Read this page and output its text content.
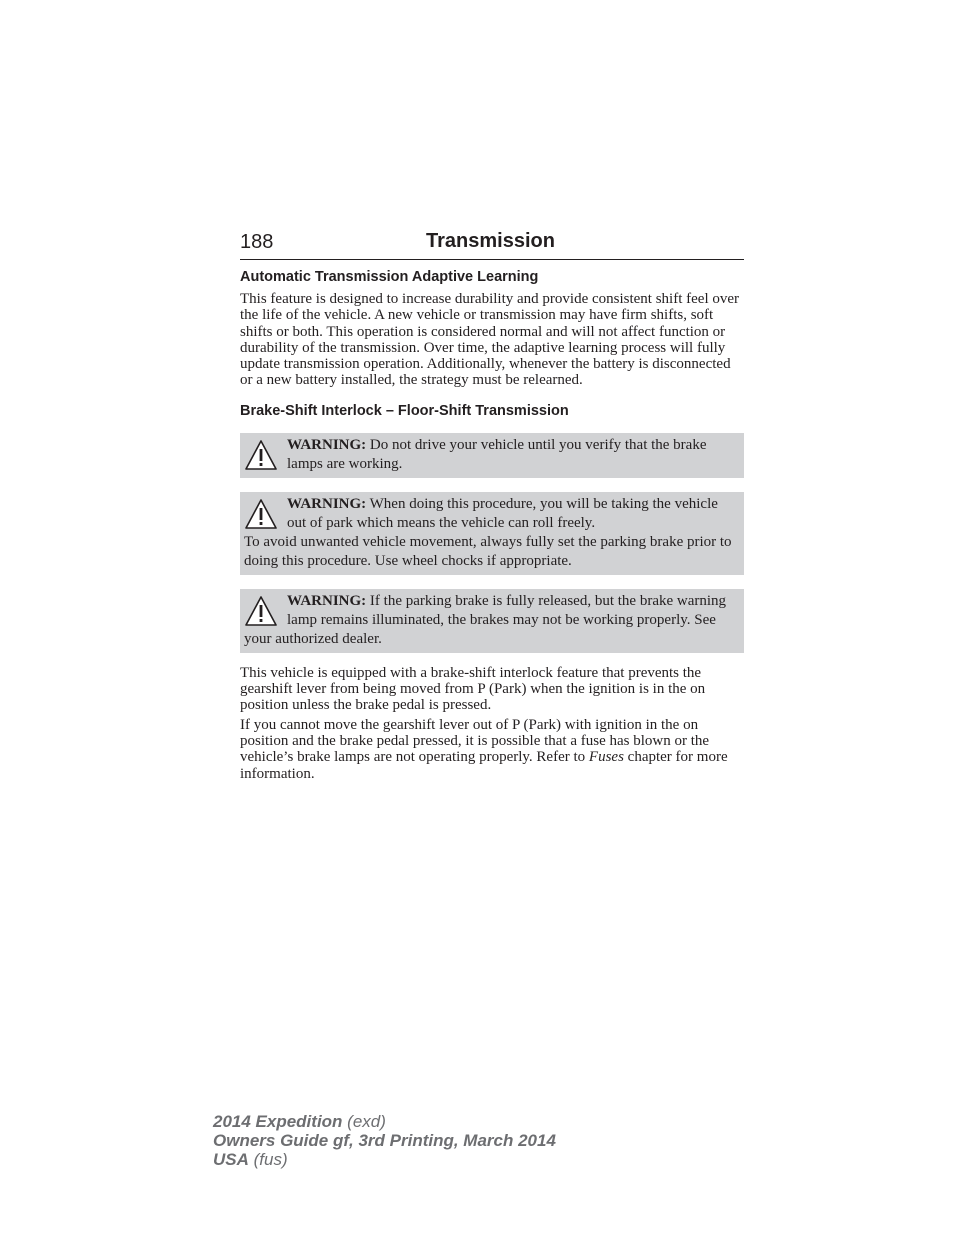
188	Transmission
Automatic Transmission Adaptive Learning

This feature is designed to increase durability and provide consistent shift feel over the life of the vehicle. A new vehicle or transmission may have firm shifts, soft shifts or both. This operation is considered normal and will not affect function or durability of the transmission. Over time, the adaptive learning process will fully update transmission operation. Additionally, whenever the battery is disconnected or a new battery installed, the strategy must be relearned.

Brake-Shift Interlock – Floor-Shift Transmission
WARNING: Do not drive your vehicle until you verify that the brake lamps are working.
WARNING: When doing this procedure, you will be taking the vehicle out of park which means the vehicle can roll freely.
To avoid unwanted vehicle movement, always fully set the parking brake prior to doing this procedure. Use wheel chocks if appropriate.
WARNING: If the parking brake is fully released, but the brake warning lamp remains illuminated, the brakes may not be working properly. See your authorized dealer.

This vehicle is equipped with a brake-shift interlock feature that prevents the gearshift lever from being moved from P (Park) when the ignition is in the on position unless the brake pedal is pressed.

If you cannot move the gearshift lever out of P (Park) with ignition in the on position and the brake pedal pressed, it is possible that a fuse has blown or the vehicle’s brake lamps are not operating properly. Refer to Fuses chapter for more information.

2014 Expedition (exd)
Owners Guide gf, 3rd Printing, March 2014
USA (fus)
